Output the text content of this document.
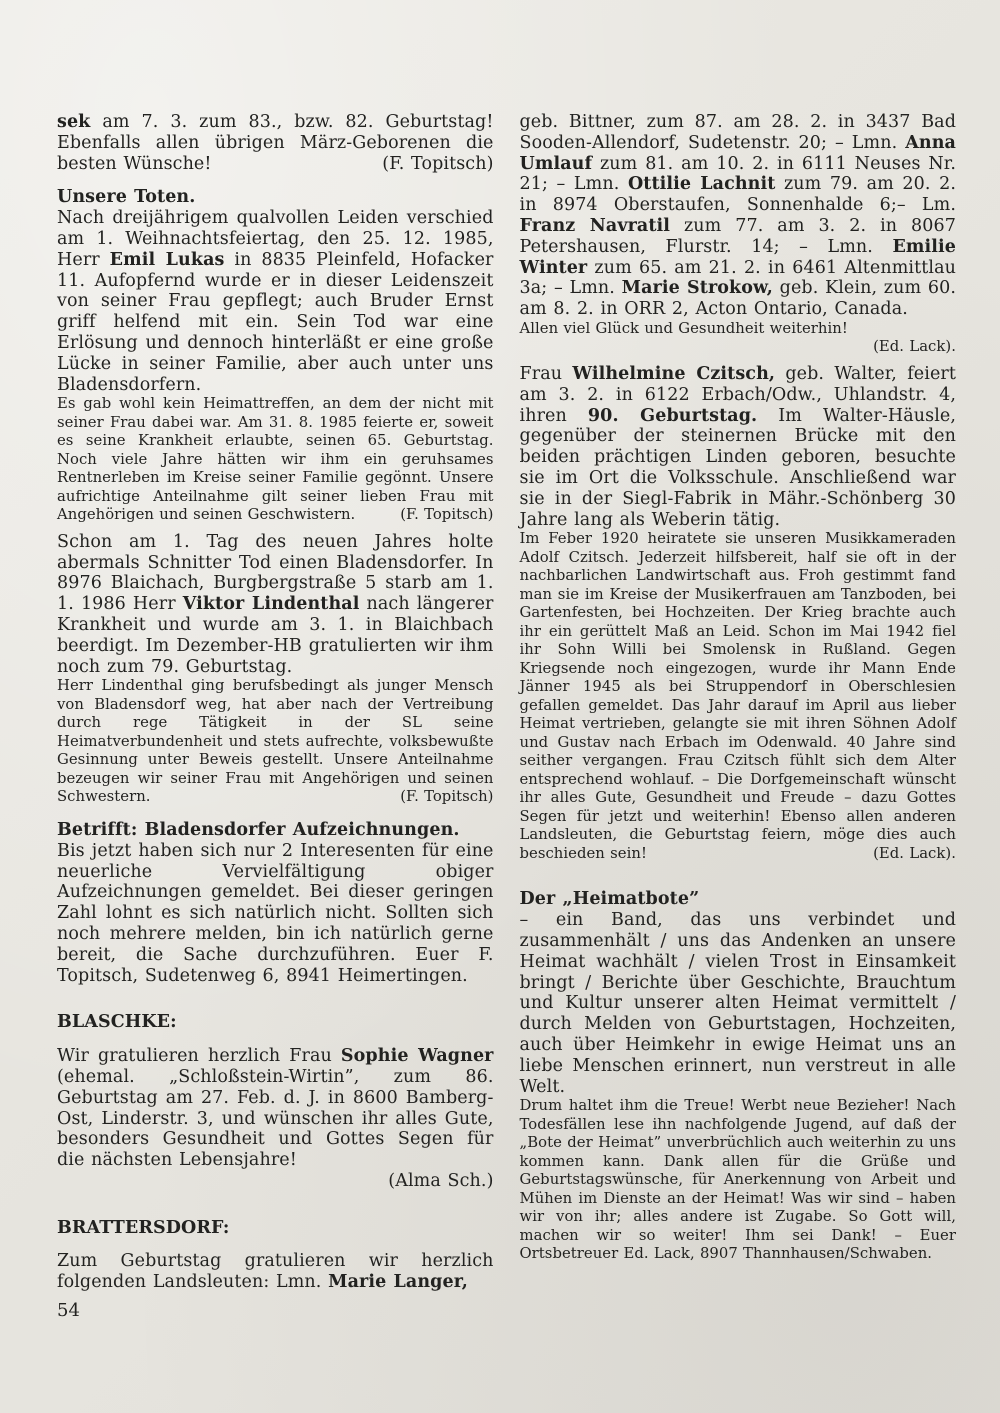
sek am 7. 3. zum 83., bzw. 82. Geburtstag! Ebenfalls allen übrigen März-Geborenen die besten Wünsche!	(F. Topitsch)

Unsere Toten.

Nach dreijährigem qualvollen Leiden verschied am 1. Weihnachtsfeiertag, den 25. 12. 1985, Herr Emil Lukas in 8835 Pleinfeld, Hofacker 11. Aufopfernd wurde er in dieser Leidenszeit von seiner Frau gepflegt; auch Bruder Ernst griff helfend mit ein. Sein Tod war eine Erlösung und dennoch hinterläßt er eine große Lücke in seiner Familie, aber auch unter uns Bladensdorfern.

Es gab wohl kein Heimattreffen, an dem der nicht mit seiner Frau dabei war. Am 31. 8. 1985 feierte er, soweit es seine Krankheit erlaubte, seinen 65. Geburtstag. Noch viele Jahre hätten wir ihm ein geruhsames Rentnerleben im Kreise seiner Familie gegönnt. Unsere aufrichtige Anteilnahme gilt seiner lieben Frau mit Angehörigen und seinen Geschwistern.	(F. Topitsch)

Schon am 1. Tag des neuen Jahres holte abermals Schnitter Tod einen Bladensdorfer. In 8976 Blaichach, Burgbergstraße 5 starb am 1. 1. 1986 Herr Viktor Lindenthal nach längerer Krankheit und wurde am 3. 1. in Blaichbach beerdigt. Im Dezember-HB gratulierten wir ihm noch zum 79. Geburtstag.

Herr Lindenthal ging berufsbedingt als junger Mensch von Bladensdorf weg, hat aber nach der Vertreibung durch rege Tätigkeit in der SL seine Heimatverbundenheit und stets aufrechte, volksbewußte Gesinnung unter Beweis gestellt. Unsere Anteilnahme bezeugen wir seiner Frau mit Angehörigen und seinen Schwestern.	(F. Topitsch)

Betrifft: Bladensdorfer Aufzeichnungen.

Bis jetzt haben sich nur 2 Interesenten für eine neuerliche Vervielfältigung obiger Aufzeichnungen gemeldet. Bei dieser geringen Zahl lohnt es sich natürlich nicht. Sollten sich noch mehrere melden, bin ich natürlich gerne bereit, die Sache durchzuführen. Euer F. Topitsch, Sudetenweg 6, 8941 Heimertingen.

BLASCHKE:

Wir gratulieren herzlich Frau Sophie Wagner (ehemal. „Schloßstein-Wirtin”, zum 86. Geburtstag am 27. Feb. d. J. in 8600 Bamberg-Ost, Linderstr. 3, und wünschen ihr alles Gute, besonders Gesundheit und Gottes Segen für die nächsten Lebensjahre!
(Alma Sch.)

BRATTERSDORF:

Zum Geburtstag gratulieren wir herzlich folgenden Landsleuten: Lmn. Marie Langer,

geb. Bittner, zum 87. am 28. 2. in 3437 Bad Sooden-Allendorf, Sudetenstr. 20; – Lmn. Anna Umlauf zum 81. am 10. 2. in 6111 Neuses Nr. 21; – Lmn. Ottilie Lachnit zum 79. am 20. 2. in 8974 Oberstaufen, Sonnenhalde 6;– Lm. Franz Navratil zum 77. am 3. 2. in 8067 Petershausen, Flurstr. 14; – Lmn. Emilie Winter zum 65. am 21. 2. in 6461 Altenmittlau 3a; – Lmn. Marie Strokow, geb. Klein, zum 60. am 8. 2. in ORR 2, Acton Ontario, Canada.

Allen viel Glück und Gesundheit weiterhin!
(Ed. Lack).

Frau Wilhelmine Czitsch, geb. Walter, feiert am 3. 2. in 6122 Erbach/Odw., Uhlandstr. 4, ihren 90. Geburtstag. Im Walter-Häusle, gegenüber der steinernen Brücke mit den beiden prächtigen Linden geboren, besuchte sie im Ort die Volksschule. Anschließend war sie in der Siegl-Fabrik in Mähr.-Schönberg 30 Jahre lang als Weberin tätig.

Im Feber 1920 heiratete sie unseren Musikkameraden Adolf Czitsch. Jederzeit hilfsbereit, half sie oft in der nachbarlichen Landwirtschaft aus. Froh gestimmt fand man sie im Kreise der Musikerfrauen am Tanzboden, bei Gartenfesten, bei Hochzeiten. Der Krieg brachte auch ihr ein gerüttelt Maß an Leid. Schon im Mai 1942 fiel ihr Sohn Willi bei Smolensk in Rußland. Gegen Kriegsende noch eingezogen, wurde ihr Mann Ende Jänner 1945 als bei Struppendorf in Oberschlesien gefallen gemeldet. Das Jahr darauf im April aus lieber Heimat vertrieben, gelangte sie mit ihren Söhnen Adolf und Gustav nach Erbach im Odenwald. 40 Jahre sind seither vergangen. Frau Czitsch fühlt sich dem Alter entsprechend wohlauf. – Die Dorfgemeinschaft wünscht ihr alles Gute, Gesundheit und Freude – dazu Gottes Segen für jetzt und weiterhin! Ebenso allen anderen Landsleuten, die Geburtstag feiern, möge dies auch beschieden sein!	(Ed. Lack).

Der „Heimatbote”

– ein Band, das uns verbindet und zusammenhält / uns das Andenken an unsere Heimat wachhält / vielen Trost in Einsamkeit bringt / Berichte über Geschichte, Brauchtum und Kultur unserer alten Heimat vermittelt / durch Melden von Geburtstagen, Hochzeiten, auch über Heimkehr in ewige Heimat uns an liebe Menschen erinnert, nun verstreut in alle Welt.

Drum haltet ihm die Treue! Werbt neue Bezieher! Nach Todesfällen lese ihn nachfolgende Jugend, auf daß der „Bote der Heimat” unverbrüchlich auch weiterhin zu uns kommen kann. Dank allen für die Grüße und Geburtstagswünsche, für Anerkennung von Arbeit und Mühen im Dienste an der Heimat! Was wir sind – haben wir von ihr; alles andere ist Zugabe. So Gott will, machen wir so weiter! Ihm sei Dank! – Euer Ortsbetreuer Ed. Lack, 8907 Thannhausen/Schwaben.

54
